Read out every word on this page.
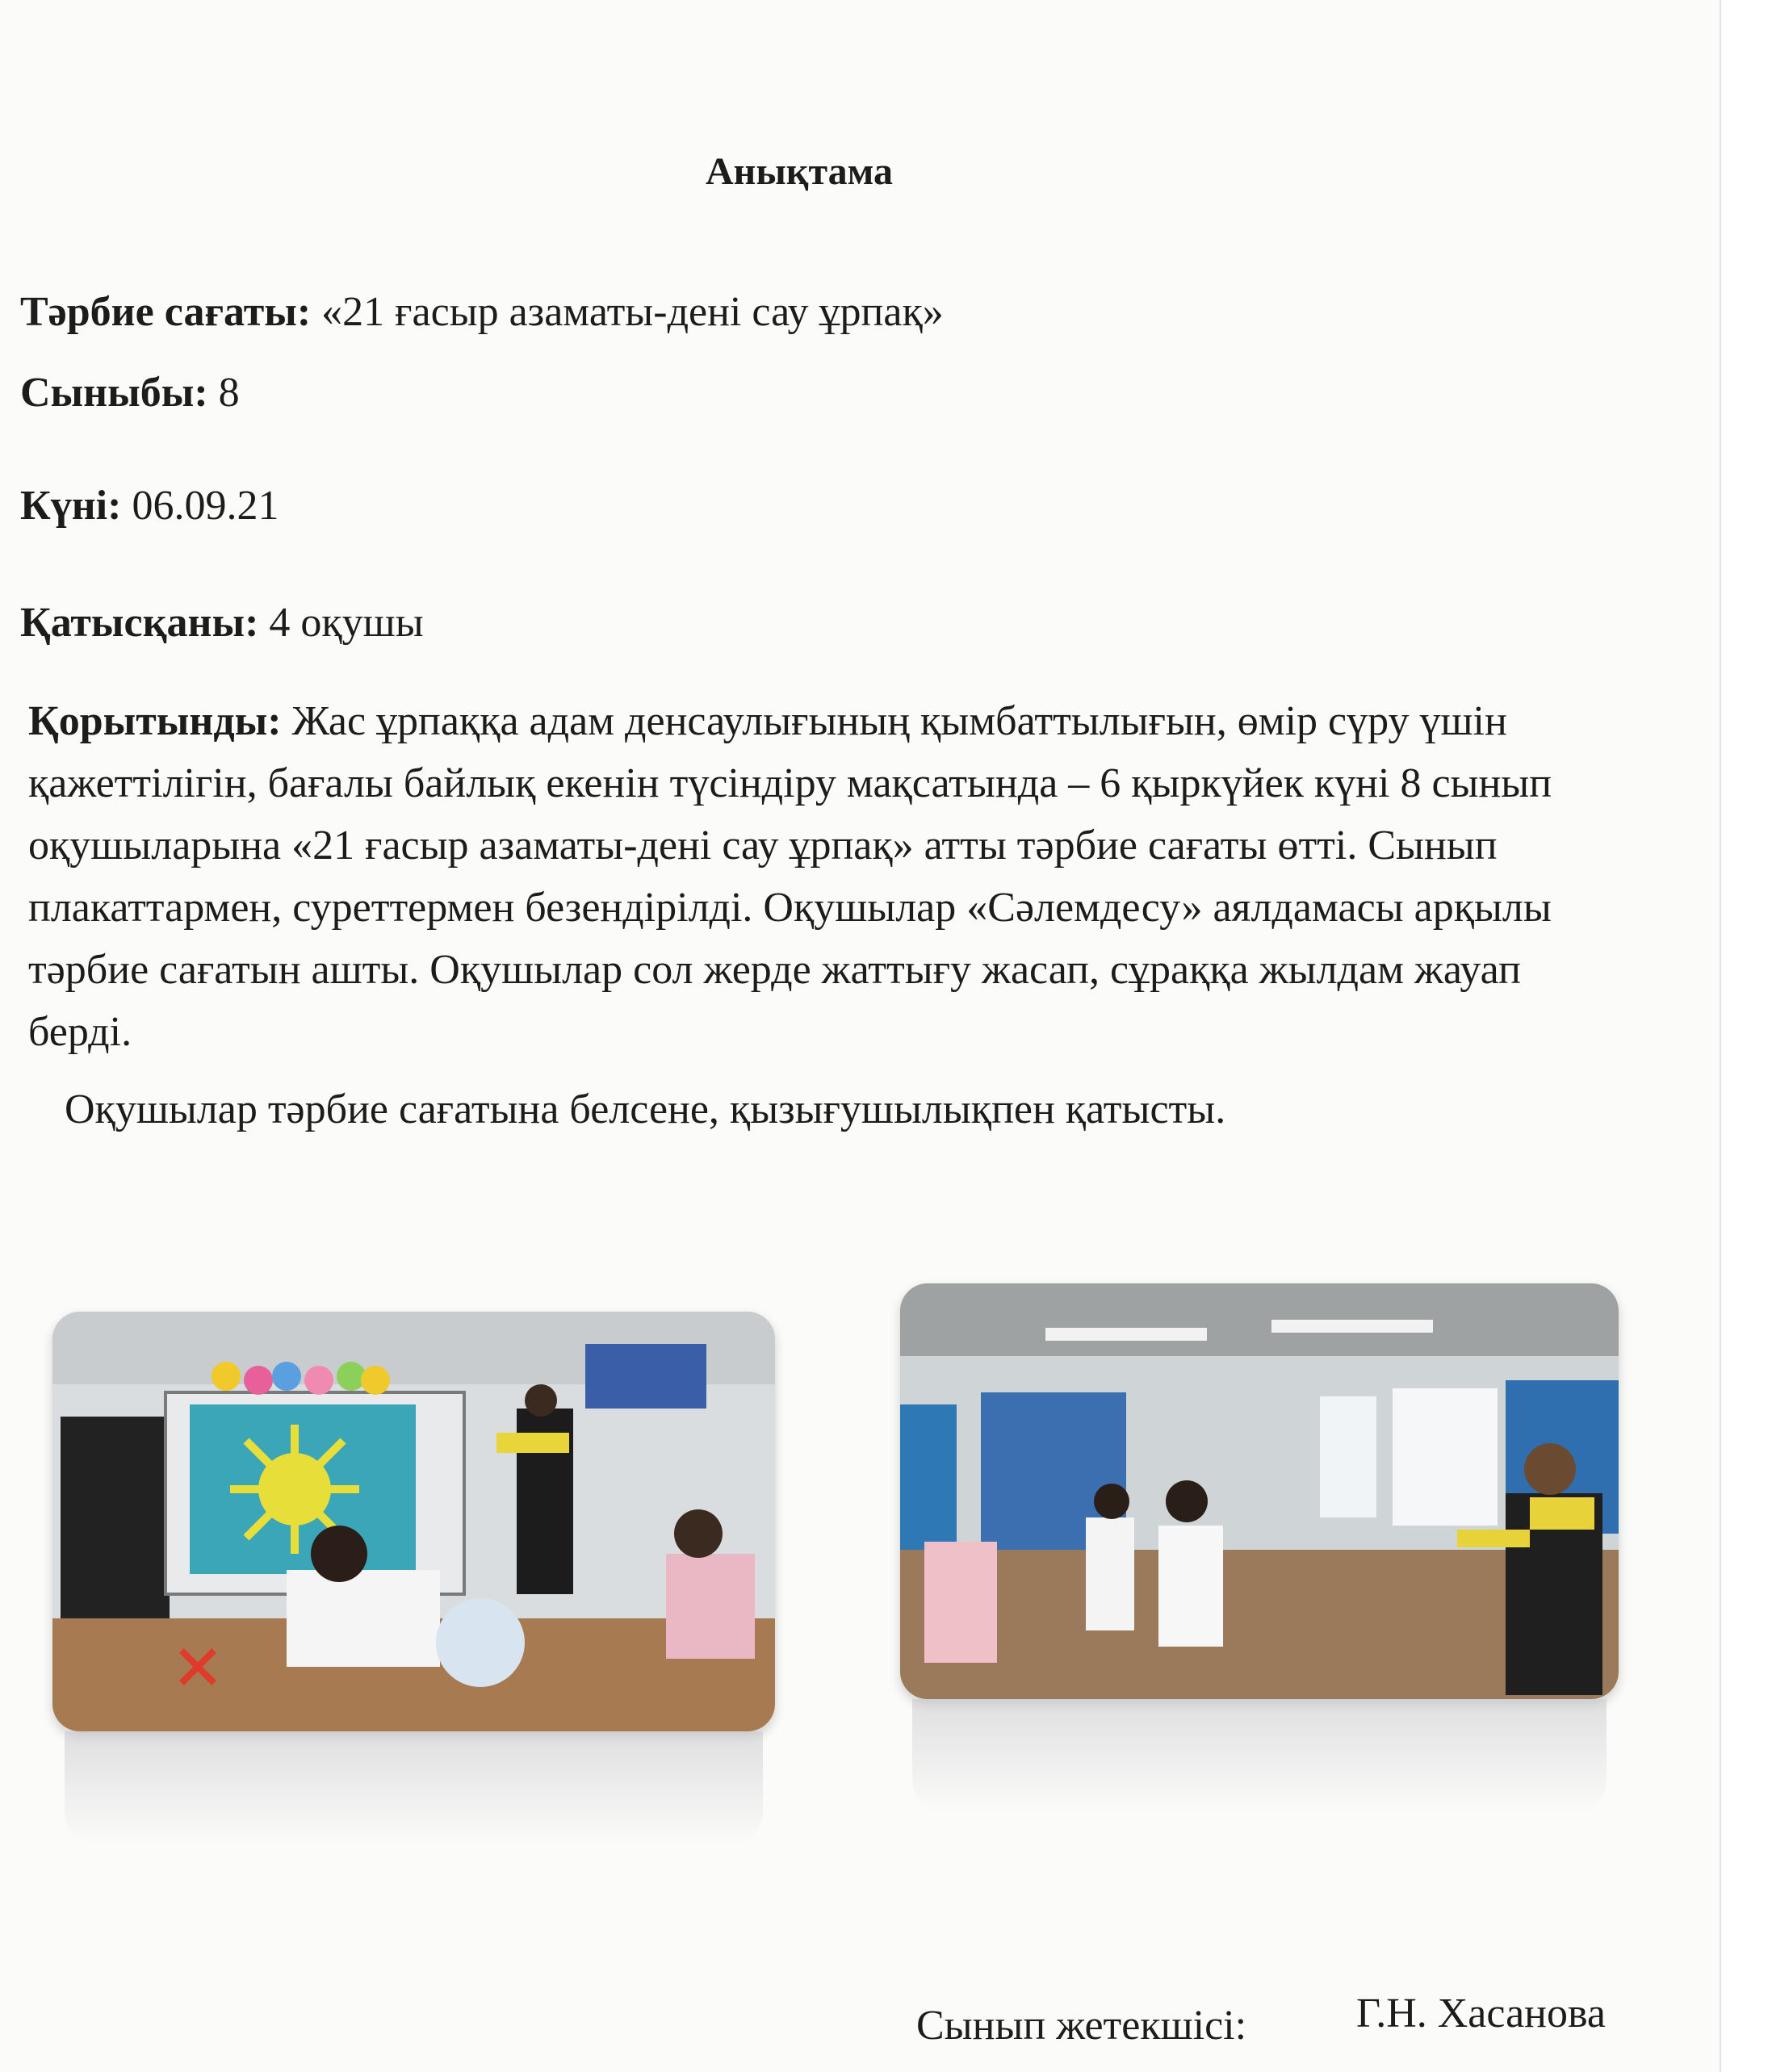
Анықтама
Тәрбие сағаты: «21 ғасыр азаматы-дені сау ұрпақ»
Сыныбы: 8
Күні: 06.09.21
Қатысқаны: 4 оқушы
Қорытынды: Жас ұрпаққа адам денсаулығының қымбаттылығын, өмір сүру үшін қажеттілігін, бағалы байлық екенін түсіндіру мақсатында – 6 қыркүйек күні 8 сынып оқушыларына «21 ғасыр азаматы-дені сау ұрпақ» атты тәрбие сағаты өтті. Сынып плакаттармен, суреттермен безендірілді. Оқушылар «Сәлемдесу» аялдамасы арқылы тәрбие сағатын ашты. Оқушылар сол жерде жаттығу жасап, сұраққа жылдам жауап берді.
Оқушылар тәрбие сағатына белсене, қызығушылықпен қатысты.
Сынып жетекшісі:	Г.Н. Хасанова
